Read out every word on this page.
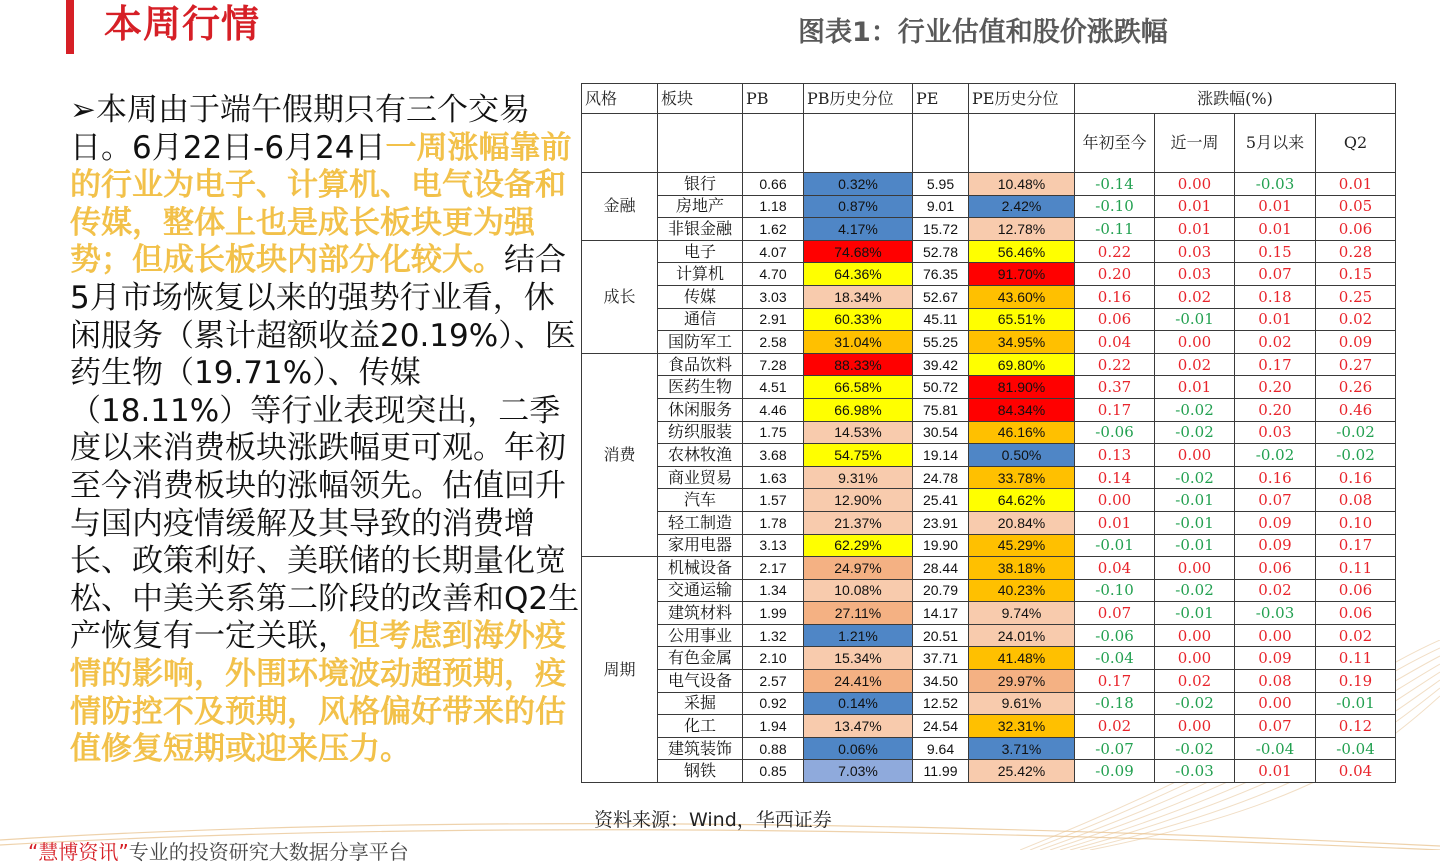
本周行情	图表1：行业估值和股价涨跌幅
➢本周由于端午假期只有三个交易日。6月22日-6月24日一周涨幅靠前的行业为电子、计算机、电气设备和传媒，整体上也是成长板块更为强势；但成长板块内部分化较大。结合5月市场恢复以来的强势行业看，休闲服务（累计超额收益20.19%）、医药生物（19.71%）、传媒（18.11%）等行业表现突出，二季度以来消费板块涨跌幅更可观。年初至今消费板块的涨幅领先。估值回升与国内疫情缓解及其导致的消费增长、政策利好、美联储的长期量化宽松、中美关系第二阶段的改善和Q2生产恢复有一定关联，但考虑到海外疫情的影响，外围环境波动超预期，疫情防控不及预期，风格偏好带来的估值修复短期或迎来压力。
风格	板块	PB	PB历史分位	PE	PE历史分位	涨跌幅(%)			
						年初至今	近一周	5月以来	Q2
金融	银行	0.66	0.32%	5.95	10.48%	-0.14	0.00	-0.03	0.01
	房地产	1.18	0.87%	9.01	2.42%	-0.10	0.01	0.01	0.05
	非银金融	1.62	4.17%	15.72	12.78%	-0.11	0.01	0.01	0.06
成长	电子	4.07	74.68%	52.78	56.46%	0.22	0.03	0.15	0.28
	计算机	4.70	64.36%	76.35	91.70%	0.20	0.03	0.07	0.15
	传媒	3.03	18.34%	52.67	43.60%	0.16	0.02	0.18	0.25
	通信	2.91	60.33%	45.11	65.51%	0.06	-0.01	0.01	0.02
	国防军工	2.58	31.04%	55.25	34.95%	0.04	0.00	0.02	0.09
消费	食品饮料	7.28	88.33%	39.42	69.80%	0.22	0.02	0.17	0.27
	医药生物	4.51	66.58%	50.72	81.90%	0.37	0.01	0.20	0.26
	休闲服务	4.46	66.98%	75.81	84.34%	0.17	-0.02	0.20	0.46
	纺织服装	1.75	14.53%	30.54	46.16%	-0.06	-0.02	0.03	-0.02
	农林牧渔	3.68	54.75%	19.14	0.50%	0.13	0.00	-0.02	-0.02
	商业贸易	1.63	9.31%	24.78	33.78%	0.14	-0.02	0.16	0.16
	汽车	1.57	12.90%	25.41	64.62%	0.00	-0.01	0.07	0.08
	轻工制造	1.78	21.37%	23.91	20.84%	0.01	-0.01	0.09	0.10
	家用电器	3.13	62.29%	19.90	45.29%	-0.01	-0.01	0.09	0.17
周期	机械设备	2.17	24.97%	28.44	38.18%	0.04	0.00	0.06	0.11
	交通运输	1.34	10.08%	20.79	40.23%	-0.10	-0.02	0.02	0.06
	建筑材料	1.99	27.11%	14.17	9.74%	0.07	-0.01	-0.03	0.06
	公用事业	1.32	1.21%	20.51	24.01%	-0.06	0.00	0.00	0.02
	有色金属	2.10	15.34%	37.71	41.48%	-0.04	0.00	0.09	0.11
	电气设备	2.57	24.41%	34.50	29.97%	0.17	0.02	0.08	0.19
	采掘	0.92	0.14%	12.52	9.61%	-0.18	-0.02	0.00	-0.01
	化工	1.94	13.47%	24.54	32.31%	0.02	0.00	0.07	0.12
	建筑装饰	0.88	0.06%	9.64	3.71%	-0.07	-0.02	-0.04	-0.04
	钢铁	0.85	7.03%	11.99	25.42%	-0.09	-0.03	0.01	0.04
资料来源：Wind，华西证券
“慧博资讯”专业的投资研究大数据分享平台
